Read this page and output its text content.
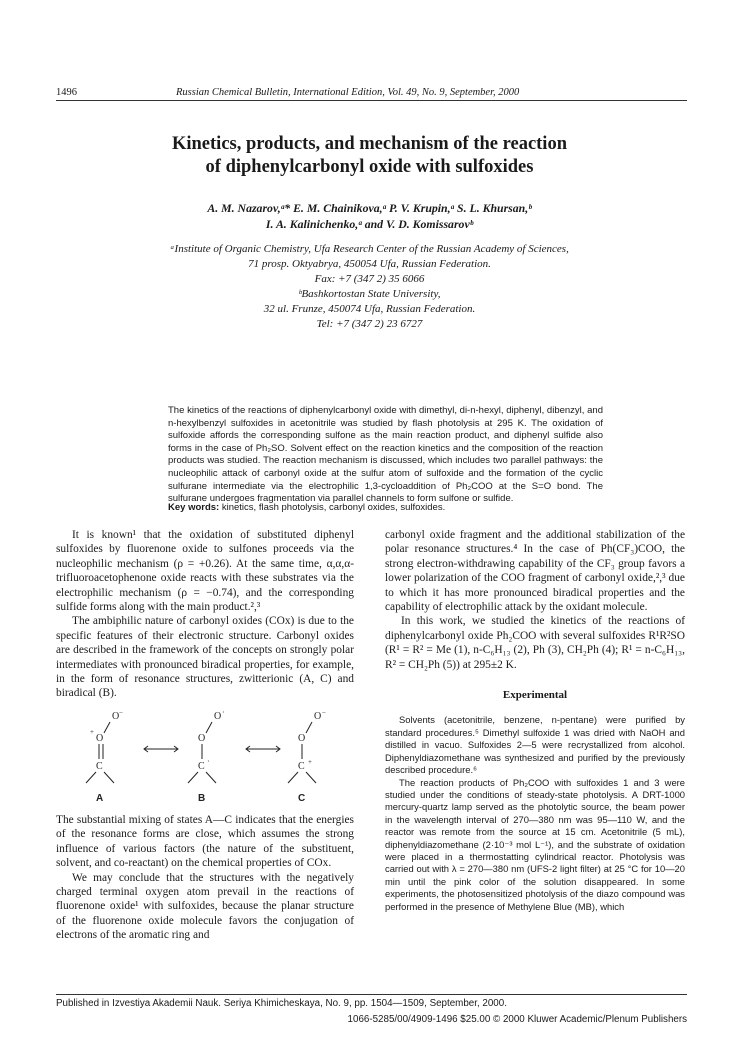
1496	Russian Chemical Bulletin, International Edition, Vol. 49, No. 9, September, 2000
Kinetics, products, and mechanism of the reaction
of diphenylcarbonyl oxide with sulfoxides
A. M. Nazarov,ᵃ* E. M. Chainikova,ᵃ P. V. Krupin,ᵃ S. L. Khursan,ᵇ
I. A. Kalinichenko,ᵃ and V. D. Komissarovᵇ
ᵃInstitute of Organic Chemistry, Ufa Research Center of the Russian Academy of Sciences,
71 prosp. Oktyabrya, 450054 Ufa, Russian Federation.
Fax: +7 (347 2) 35 6066
ᵇBashkortostan State University,
32 ul. Frunze, 450074 Ufa, Russian Federation.
Tel: +7 (347 2) 23 6727
The kinetics of the reactions of diphenylcarbonyl oxide with dimethyl, di-n-hexyl, diphenyl, dibenzyl, and n-hexylbenzyl sulfoxides in acetonitrile was studied by flash photolysis at 295 K. The oxidation of sulfoxide affords the corresponding sulfone as the main reaction product, and diphenyl sulfide also forms in the case of Ph₂SO. Solvent effect on the reaction kinetics and the composition of the reaction products was studied. The reaction mechanism is discussed, which includes two parallel pathways: the nucleophilic attack of carbonyl oxide at the sulfur atom of sulfoxide and the formation of the cyclic sulfurane intermediate via the electrophilic 1,3-cycloaddition of Ph₂COO at the S=O bond. The sulfurane undergoes fragmentation via parallel channels to form sulfone or sulfide.
Key words: kinetics, flash photolysis, carbonyl oxides, sulfoxides.

It is known¹ that the oxidation of substituted diphenyl sulfoxides by fluorenone oxide to sulfones proceeds via the nucleophilic mechanism (ρ = +0.26). At the same time, α,α,α-trifluoroacetophenone oxide reacts with these substrates via the electrophilic mechanism (ρ = −0.74), and the corresponding sulfide forms along with the main product.²,³

The ambiphilic nature of carbonyl oxides (COx) is due to the specific features of their electronic structure. Carbonyl oxides are described in the framework of the concepts on strongly polar intermediates with pronounced biradical properties, for example, in the form of resonance structures, zwitterionic (A, C) and biradical (B).

O −
O
+
C
O ·
O
C ·
O −
O
C +
A	B	C

The substantial mixing of states A—C indicates that the energies of the resonance forms are close, which assumes the strong influence of various factors (the nature of the substituent, solvent, and co-reactant) on the chemical properties of COx.

We may conclude that the structures with the negatively charged terminal oxygen atom prevail in the reactions of fluorenone oxide¹ with sulfoxides, because the planar structure of the fluorenone oxide molecule favors the conjugation of electrons of the aromatic ring and

carbonyl oxide fragment and the additional stabilization of the polar resonance structures.⁴ In the case of Ph(CF₃)COO, the strong electron-withdrawing capability of the CF₃ group favors a lower polarization of the COO fragment of carbonyl oxide,²,³ due to which it has more pronounced biradical properties and the capability of electrophilic attack by the oxidant molecule.

In this work, we studied the kinetics of the reactions of diphenylcarbonyl oxide Ph₂COO with several sulfoxides R¹R²SO (R¹ = R² = Me (1), n-C₆H₁₃ (2), Ph (3), CH₂Ph (4); R¹ = n-C₆H₁₃, R² = CH₂Ph (5)) at 295±2 K.

Experimental

Solvents (acetonitrile, benzene, n-pentane) were purified by standard procedures.⁵ Dimethyl sulfoxide 1 was dried with NaOH and distilled in vacuo. Sulfoxides 2—5 were recrystallized from alcohol. Diphenyldiazomethane was synthesized and purified by the previously described procedure.⁶

The reaction products of Ph₂COO with sulfoxides 1 and 3 were studied under the conditions of steady-state photolysis. A DRT-1000 mercury-quartz lamp served as the photolytic source, the beam power in the wavelength interval of 270—380 nm was 95—110 W, and the reactor was remote from the source at 15 cm. Acetonitrile (5 mL), diphenyldiazomethane (2·10⁻³ mol L⁻¹), and the substrate of oxidation were placed in a thermostatting cylindrical reactor. Photolysis was carried out with λ = 270—380 nm (UFS-2 light filter) at 25 °C for 10—20 min until the pink color of the solution disappeared. In some experiments, the photosensitized photolysis of the diazo compound was performed in the presence of Methylene Blue (MB), which

Published in Izvestiya Akademii Nauk. Seriya Khimicheskaya, No. 9, pp. 1504—1509, September, 2000.
1066-5285/00/4909-1496 $25.00 © 2000 Kluwer Academic/Plenum Publishers
